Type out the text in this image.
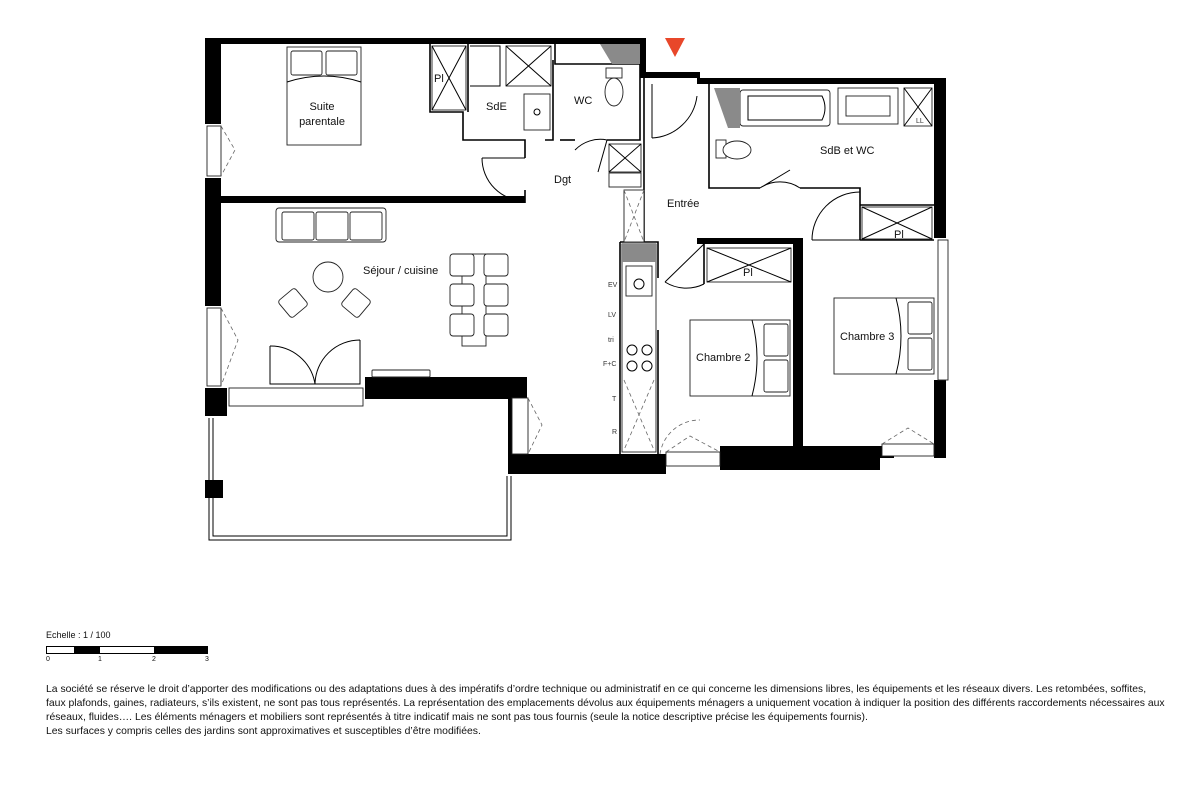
Suite
parentale
Pl
SdE	WC
Dgt
Entrée
SdB et WC
LL
Pl
Pl
Séjour / cuisine
Chambre 2
Chambre 3
EV
LV
tri
F+C
T
R
Echelle : 1 / 100
0	1	2	3

La société se réserve le droit d’apporter des modifications ou des adaptations dues à des impératifs d’ordre technique ou administratif en ce qui concerne les dimensions libres, les équipements et les réseaux divers. Les retombées, soffites, faux plafonds, gaines, radiateurs, s’ils existent, ne sont pas tous représentés. La représentation des emplacements dévolus aux équipements ménagers a uniquement vocation à indiquer la position des différents raccordements nécessaires aux réseaux, fluides…. Les éléments ménagers et mobiliers sont représentés à titre indicatif mais ne sont pas tous fournis (seule la notice descriptive précise les équipements fournis).

Les surfaces y compris celles des jardins sont approximatives et susceptibles d’être modifiées.
